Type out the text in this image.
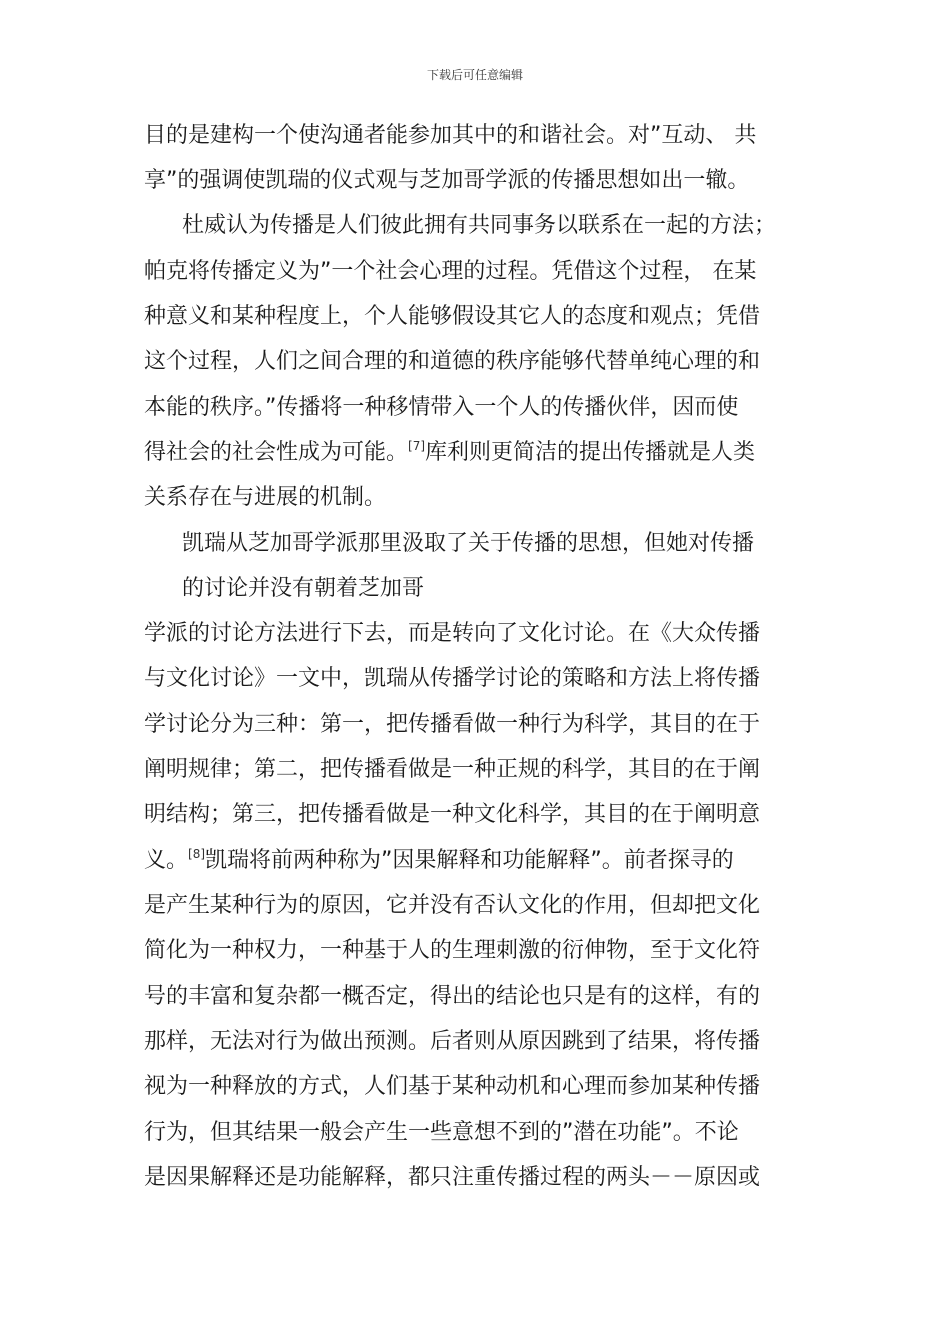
下载后可任意编辑
目的是建构一个使沟通者能参加其中的和谐社会。对”互动、 共
享”的强调使凯瑞的仪式观与芝加哥学派的传播思想如出一辙。
杜威认为传播是人们彼此拥有共同事务以联系在一起的方法；
帕克将传播定义为”一个社会心理的过程。凭借这个过程， 在某
种意义和某种程度上，个人能够假设其它人的态度和观点；凭借
这个过程，人们之间合理的和道德的秩序能够代替单纯心理的和
本能的秩序。”传播将一种移情带入一个人的传播伙伴，因而使
得社会的社会性成为可能。[7]库利则更简洁的提出传播就是人类
关系存在与进展的机制。
凯瑞从芝加哥学派那里汲取了关于传播的思想，但她对传播
的讨论并没有朝着芝加哥
学派的讨论方法进行下去，而是转向了文化讨论。在《大众传播
与文化讨论》一文中，凯瑞从传播学讨论的策略和方法上将传播
学讨论分为三种：第一，把传播看做一种行为科学，其目的在于
阐明规律；第二，把传播看做是一种正规的科学，其目的在于阐
明结构；第三，把传播看做是一种文化科学，其目的在于阐明意
义。[8]凯瑞将前两种称为”因果解释和功能解释”。前者探寻的
是产生某种行为的原因，它并没有否认文化的作用，但却把文化
简化为一种权力，一种基于人的生理刺激的衍伸物，至于文化符
号的丰富和复杂都一概否定，得出的结论也只是有的这样，有的
那样，无法对行为做出预测。后者则从原因跳到了结果，将传播
视为一种释放的方式，人们基于某种动机和心理而参加某种传播
行为，但其结果一般会产生一些意想不到的”潜在功能”。不论
是因果解释还是功能解释，都只注重传播过程的两头－－原因或
